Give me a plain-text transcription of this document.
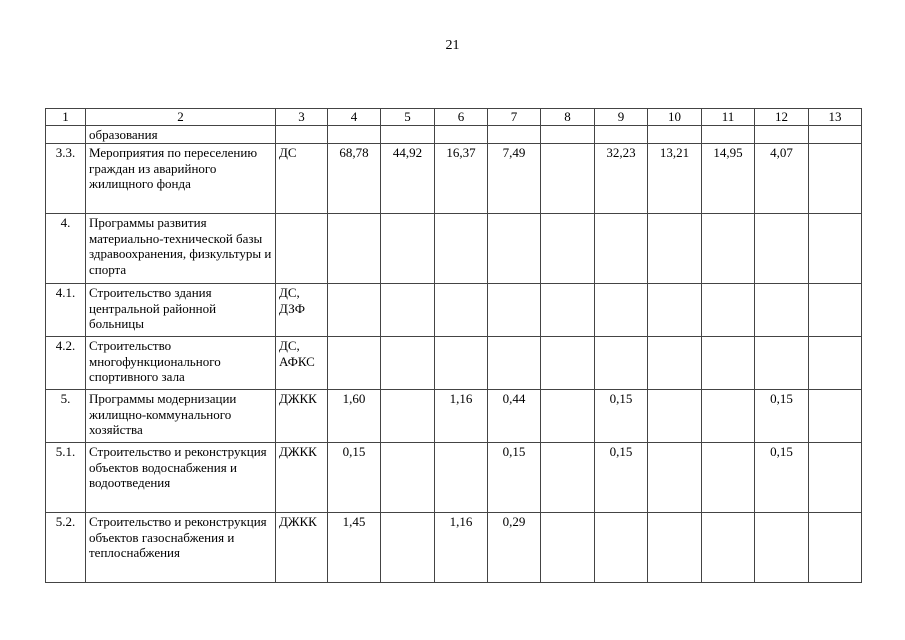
21
1	2	3	4	5	6	7	8	9	10	11	12	13
	образования											
3.3.	Мероприятия по переселению граждан из аварийного жилищного фонда	ДС	68,78	44,92	16,37	7,49		32,23	13,21	14,95	4,07	
4.	Программы развития материально-технической базы здравоохранения, физкультуры и спорта											
4.1.	Строительство здания центральной районной больницы	ДС, ДЗФ										
4.2.	Строительство многофункционального спортивного зала	ДС, АФКС										
5.	Программы модернизации жилищно-коммунального хозяйства	ДЖКК	1,60		1,16	0,44		0,15			0,15	
5.1.	Строительство и реконструкция объектов водоснабжения и водоотведения	ДЖКК	0,15			0,15		0,15			0,15	
5.2.	Строительство и реконструкция объектов газоснабжения и теплоснабжения	ДЖКК	1,45		1,16	0,29						
